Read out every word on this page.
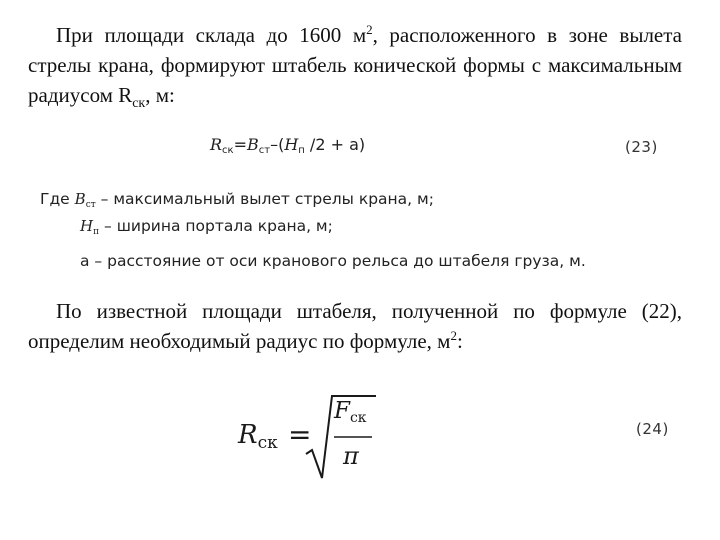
При площади склада до 1600 $м^2$, расположенного в зоне вылета стрелы крана, формируют штабель конической формы с максимальным радиусом $R_{ск}$, м:
$R_{ск}=B_{ст}-(H_п$ /2 + a)	(23)
Где $B_{ст}$ – максимальный вылет стрелы крана, м;
$H_п$ – ширина портала крана, м;
а – расстояние от оси кранового рельса до штабеля груза, м.
По известной площади штабеля, полученной по формуле (22), определим необходимый радиус по формуле, $м^2$:
$R_{ск}$ =
$F_{ск}$
π
(24)
